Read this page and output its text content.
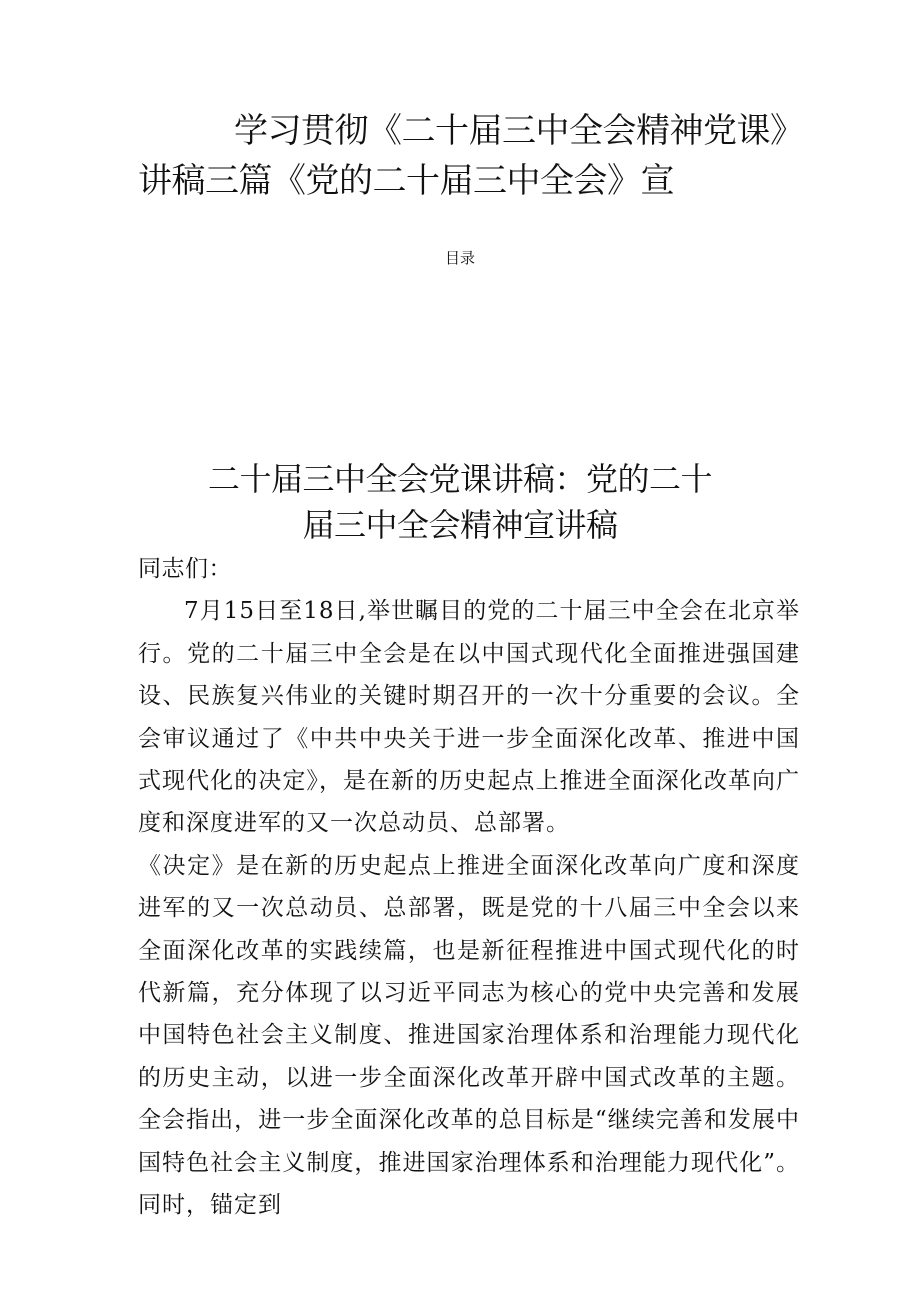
学习贯彻《二十届三中全会精神党课》讲稿三篇《党的二十届三中全会》宣
目录
二十届三中全会党课讲稿：党的二十
届三中全会精神宣讲稿

同志们：

7月15日至18日,举世瞩目的党的二十届三中全会在北京举行。党的二十届三中全会是在以中国式现代化全面推进强国建设、民族复兴伟业的关键时期召开的一次十分重要的会议。全会审议通过了《中共中央关于进一步全面深化改革、推进中国式现代化的决定》，是在新的历史起点上推进全面深化改革向广度和深度进军的又一次总动员、总部署。

《决定》是在新的历史起点上推进全面深化改革向广度和深度进军的又一次总动员、总部署，既是党的十八届三中全会以来全面深化改革的实践续篇，也是新征程推进中国式现代化的时代新篇，充分体现了以习近平同志为核心的党中央完善和发展中国特色社会主义制度、推进国家治理体系和治理能力现代化的历史主动，以进一步全面深化改革开辟中国式改革的主题。全会指出，进一步全面深化改革的总目标是“继续完善和发展中国特色社会主义制度，推进国家治理体系和治理能力现代化”。同时，锚定到
